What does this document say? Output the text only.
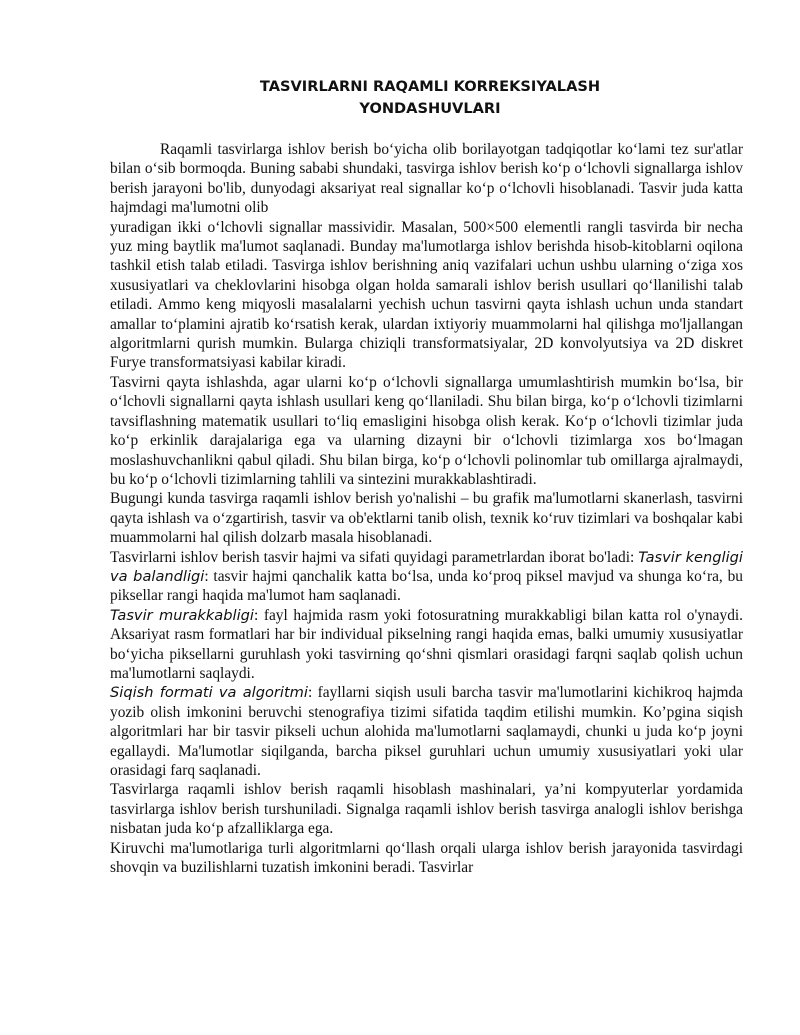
TASVIRLARNI RAQAMLI KORREKSIYALASH
YONDASHUVLARI

Raqamli tasvirlarga ishlov berish bo‘yicha olib borilayotgan tadqiqotlar ko‘lami tez sur'atlar bilan o‘sib bormoqda. Buning sababi shundaki, tasvirga ishlov berish ko‘p o‘lchovli signallarga ishlov berish jarayoni bo'lib, dunyodagi aksariyat real signallar ko‘p o‘lchovli hisoblanadi. Tasvir juda katta hajmdagi ma'lumotni olib

yuradigan ikki o‘lchovli signallar massividir. Masalan, 500×500 elementli rangli tasvirda bir necha yuz ming baytlik ma'lumot saqlanadi. Bunday ma'lumotlarga ishlov berishda hisob-kitoblarni oqilona tashkil etish talab etiladi. Tasvirga ishlov berishning aniq vazifalari uchun ushbu ularning o‘ziga xos xususiyatlari va cheklovlarini hisobga olgan holda samarali ishlov berish usullari qo‘llanilishi talab etiladi. Ammo keng miqyosli masalalarni yechish uchun tasvirni qayta ishlash uchun unda standart amallar to‘plamini ajratib ko‘rsatish kerak, ulardan ixtiyoriy muammolarni hal qilishga mo'ljallangan algoritmlarni qurish mumkin. Bularga chiziqli transformatsiyalar, 2D konvolyutsiya va 2D diskret Furye transformatsiyasi kabilar kiradi.

Tasvirni qayta ishlashda, agar ularni ko‘p o‘lchovli signallarga umumlashtirish mumkin bo‘lsa, bir o‘lchovli signallarni qayta ishlash usullari keng qo‘llaniladi. Shu bilan birga, ko‘p o‘lchovli tizimlarni tavsiflashning matematik usullari to‘liq emasligini hisobga olish kerak. Ko‘p o‘lchovli tizimlar juda ko‘p erkinlik darajalariga ega va ularning dizayni bir o‘lchovli tizimlarga xos bo‘lmagan moslashuvchanlikni qabul qiladi. Shu bilan birga, ko‘p o‘lchovli polinomlar tub omillarga ajralmaydi, bu ko‘p o‘lchovli tizimlarning tahlili va sintezini murakkablashtiradi.

Bugungi kunda tasvirga raqamli ishlov berish yo'nalishi – bu grafik ma'lumotlarni skanerlash, tasvirni qayta ishlash va o‘zgartirish, tasvir va ob'ektlarni tanib olish, texnik ko‘ruv tizimlari va boshqalar kabi muammolarni hal qilish dolzarb masala hisoblanadi.

Tasvirlarni ishlov berish tasvir hajmi va sifati quyidagi parametrlardan iborat bo'ladi: Tasvir kengligi va balandligi: tasvir hajmi qanchalik katta bo‘lsa, unda ko‘proq piksel mavjud va shunga ko‘ra, bu piksellar rangi haqida ma'lumot ham saqlanadi.

Tasvir murakkabligi: fayl hajmida rasm yoki fotosuratning murakkabligi bilan katta rol o'ynaydi. Aksariyat rasm formatlari har bir individual pikselning rangi haqida emas, balki umumiy xususiyatlar bo‘yicha piksellarni guruhlash yoki tasvirning qo‘shni qismlari orasidagi farqni saqlab qolish uchun ma'lumotlarni saqlaydi.

Siqish formati va algoritmi: fayllarni siqish usuli barcha tasvir ma'lumotlarini kichikroq hajmda yozib olish imkonini beruvchi stenografiya tizimi sifatida taqdim etilishi mumkin. Ko’pgina siqish algoritmlari har bir tasvir pikseli uchun alohida ma'lumotlarni saqlamaydi, chunki u juda ko‘p joyni egallaydi. Ma'lumotlar siqilganda, barcha piksel guruhlari uchun umumiy xususiyatlari yoki ular orasidagi farq saqlanadi.

Tasvirlarga raqamli ishlov berish raqamli hisoblash mashinalari, ya’ni kompyuterlar yordamida tasvirlarga ishlov berish turshuniladi. Signalga raqamli ishlov berish tasvirga analogli ishlov berishga nisbatan juda ko‘p afzalliklarga ega.

Kiruvchi ma'lumotlariga turli algoritmlarni qo‘llash orqali ularga ishlov berish jarayonida tasvirdagi shovqin va buzilishlarni tuzatish imkonini beradi. Tasvirlar
